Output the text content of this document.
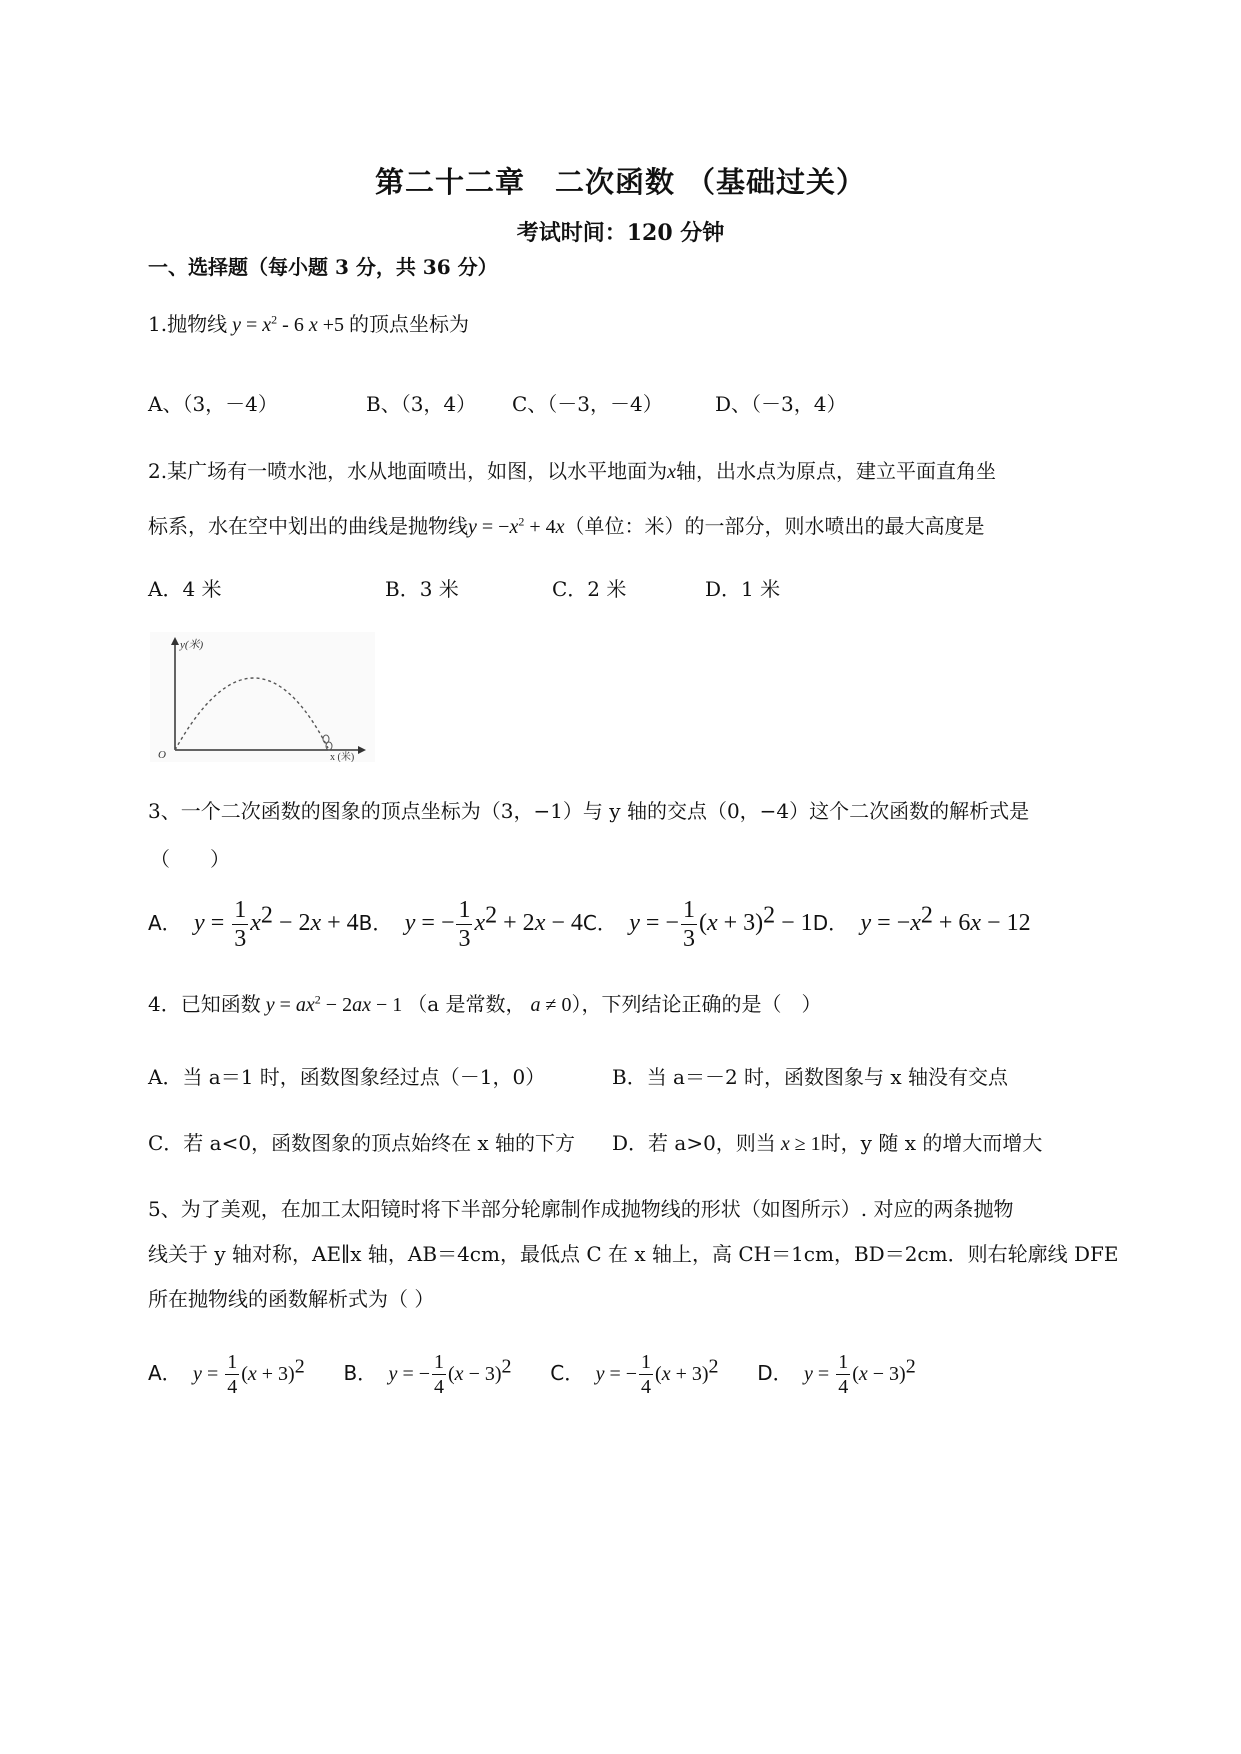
第二十二章　二次函数 （基础过关）
考试时间：120 分钟
一、选择题（每小题 3 分，共 36 分）
1.抛物线 $y = x^2 - 6$ x +5 的顶点坐标为
A、（3，－4）	B、（3，4） C、（－3，－4）	D、（－3，4）
2.某广场有一喷水池，水从地面喷出，如图，以水平地面为x轴，出水点为原点，建立平面直角坐
标系，水在空中划出的曲线是抛物线$y = -x^2 + 4x$（单位：米）的一部分，则水喷出的最大高度是
A．4 米	B．3 米	C．2 米	D．1 米
y(米)
x (米)
O
3、一个二次函数的图象的顶点坐标为（3，−1）与 y 轴的交点（0，−4）这个二次函数的解析式是
（　　）
A．  $y = \frac{1}{3} x^2 - 2x + 4B$．  y = − $\frac{1}{3} x^2 + 2x - 4C$．  y = − $\frac{1}{3} (x + 3)^2 - 1D$．  $y = -x^2 + 6x - 12$
4．已知函数 $y = ax^2 - 2ax - 1$ （a 是常数， a ≠ 0），下列结论正确的是（　）
A．当 a＝1 时，函数图象经过点（－1，0）	B．当 a＝－2 时，函数图象与 x 轴没有交点
C．若 a<0，函数图象的顶点始终在 x 轴的下方 D．若 a>0，则当 x ≥ 1时，y 随 x 的增大而增大
5、为了美观，在加工太阳镜时将下半部分轮廓制作成抛物线的形状（如图所示）. 对应的两条抛物
线关于 y 轴对称，AE∥x 轴，AB＝4cm，最低点 C 在 x 轴上，高 CH＝1cm，BD＝2cm．则右轮廓线 DFE
所在抛物线的函数解析式为（ ）
A．  $y = \frac{1}{4} (x + 3)^2$ B．  y = − $\frac{1}{4} (x - 3)^2$ C．  y = − $\frac{1}{4} (x + 3)^2$ D．  $y = \frac{1}{4} (x - 3)^2$
